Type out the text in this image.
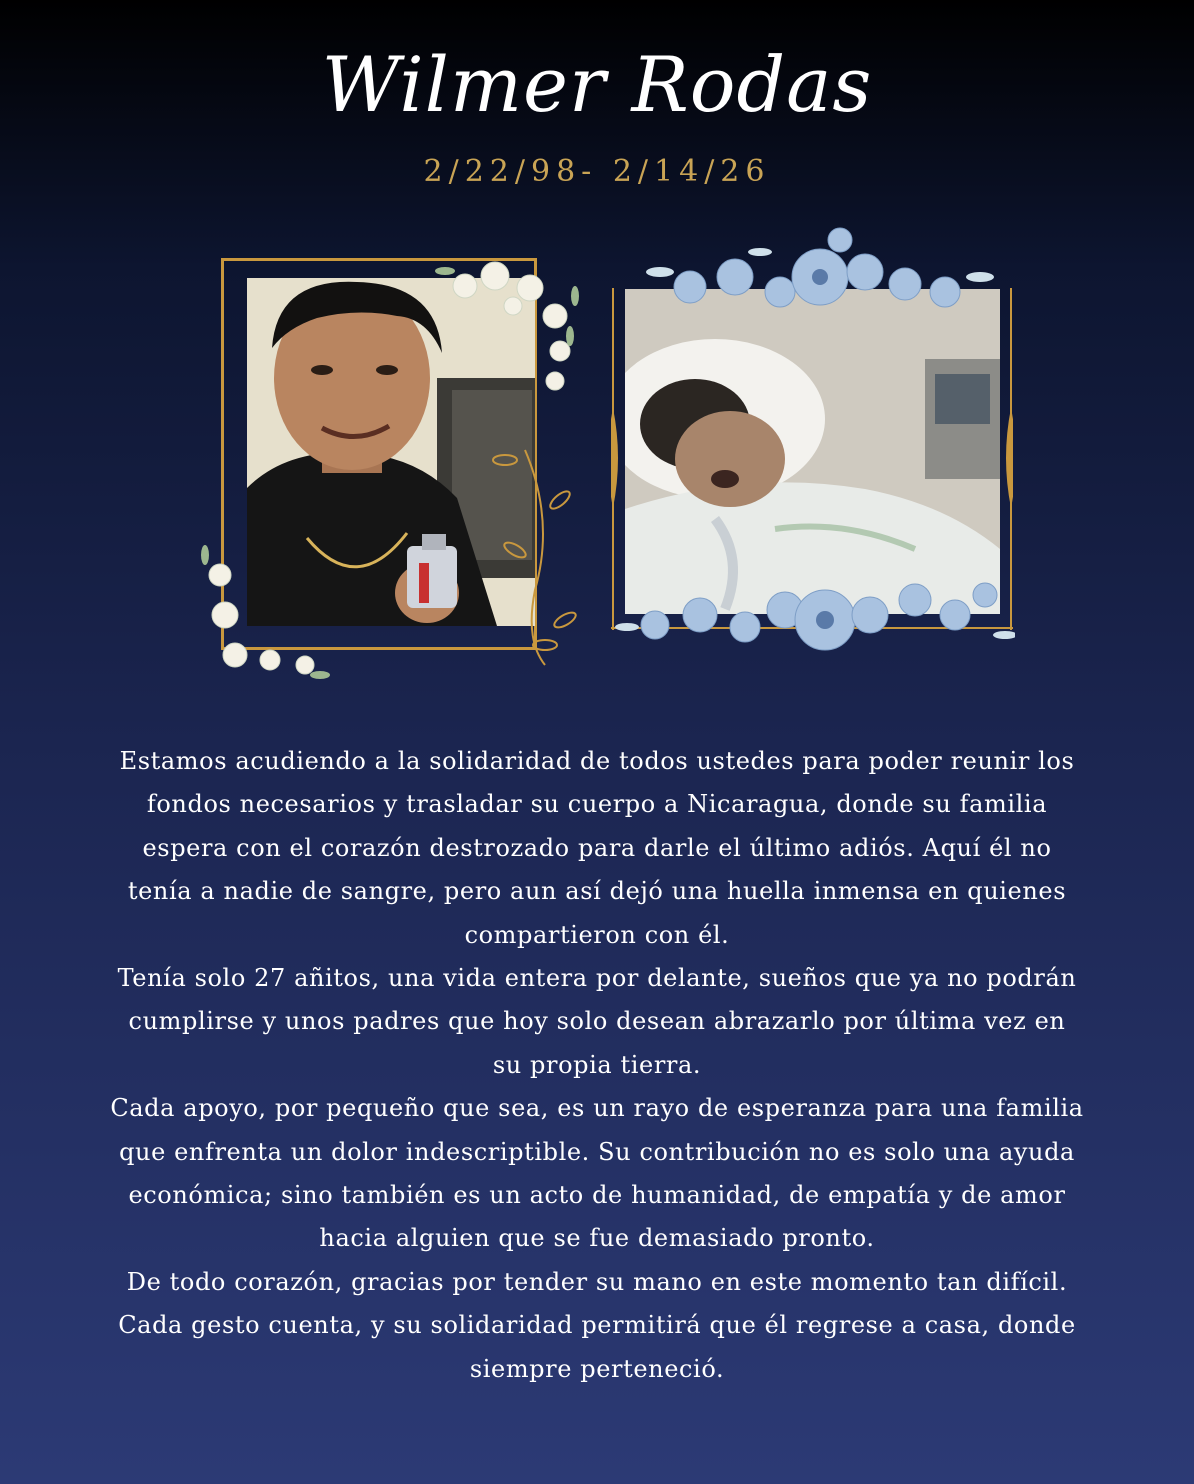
Wilmer Rodas
2/22/98- 2/14/26

Estamos acudiendo a la solidaridad de todos ustedes para poder reunir los fondos necesarios y trasladar su cuerpo a Nicaragua, donde su familia espera con el corazón destrozado para darle el último adiós. Aquí él no tenía a nadie de sangre, pero aun así dejó una huella inmensa en quienes compartieron con él.

Tenía solo 27 añitos, una vida entera por delante, sueños que ya no podrán cumplirse y unos padres que hoy solo desean abrazarlo por última vez en su propia tierra.

Cada apoyo, por pequeño que sea, es un rayo de esperanza para una familia que enfrenta un dolor indescriptible. Su contribución no es solo una ayuda económica; sino también es un acto de humanidad, de empatía y de amor hacia alguien que se fue demasiado pronto.

De todo corazón, gracias por tender su mano en este momento tan difícil. Cada gesto cuenta, y su solidaridad permitirá que él regrese a casa, donde siempre perteneció.
